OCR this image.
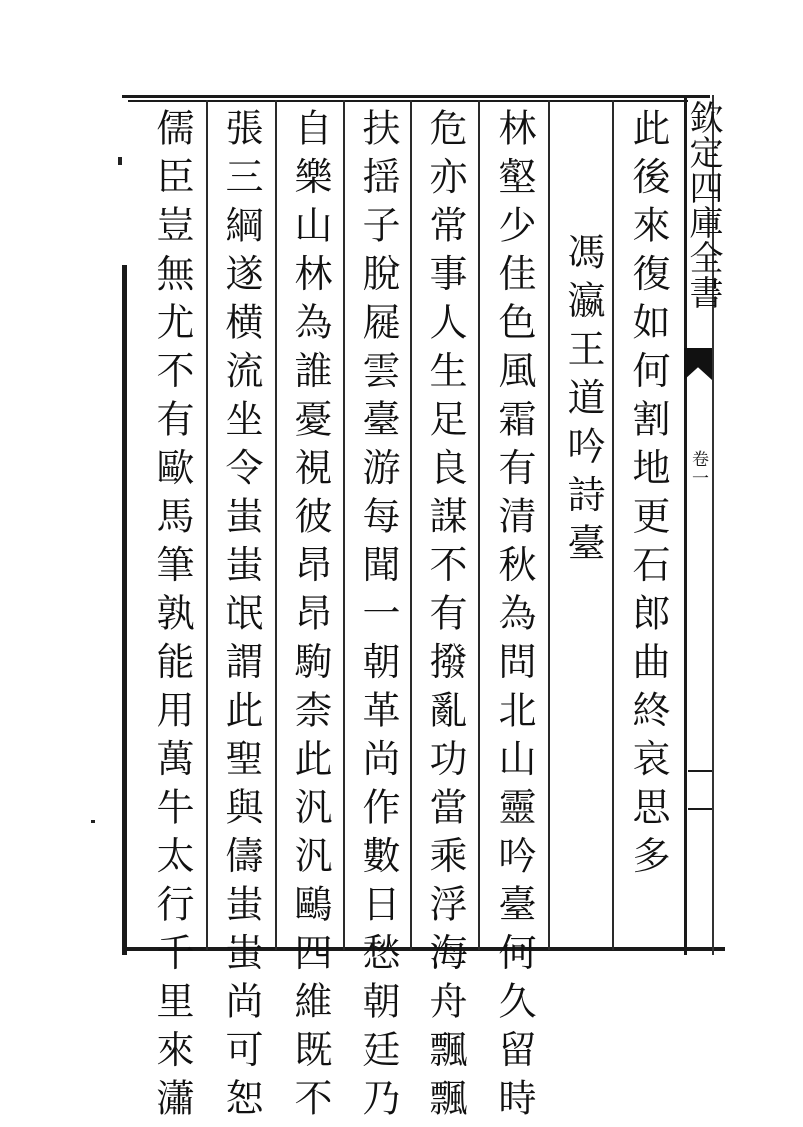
欽定四庫全書
卷一
此後來復如何割地更石郎曲終哀思多
馮瀛王道吟詩臺
林壑少佳色風霜有清秋為問北山靈吟臺何久留時
危亦常事人生足良謀不有撥亂功當乘浮海舟飄飄
扶揺子脫屣雲臺游每聞一朝革尚作數日愁朝廷乃
自樂山林為誰憂視彼昂昂駒柰此汎汎鷗四維既不
張三綱遂横流坐令蚩蚩氓謂此聖與儔蚩蚩尚可恕
儒臣豈無尤不有歐馬筆孰能用萬牛太行千里來瀟
